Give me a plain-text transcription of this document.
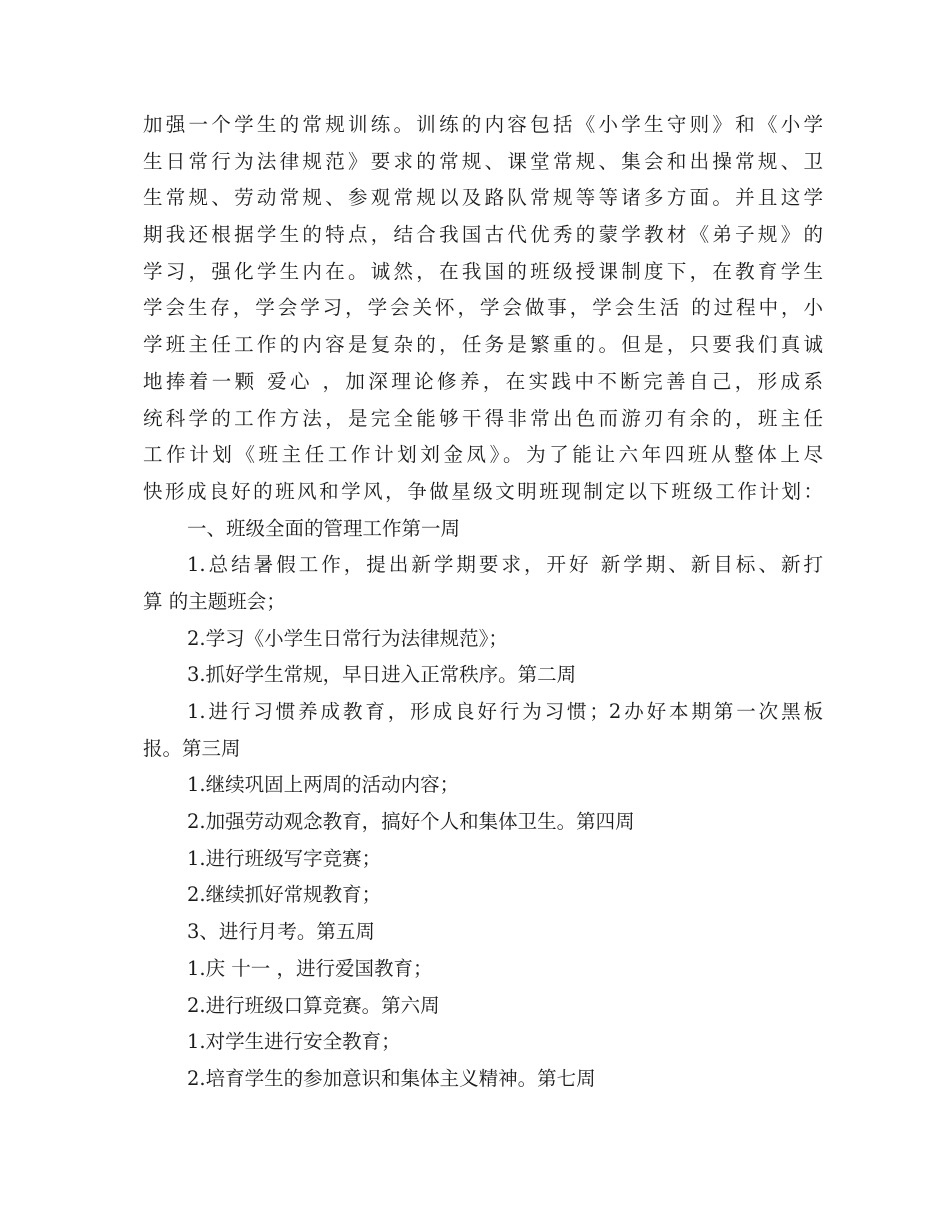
加强一个学生的常规训练。训练的内容包括《小学生守则》和《小学
生日常行为法律规范》要求的常规、课堂常规、集会和出操常规、卫
生常规、劳动常规、参观常规以及路队常规等等诸多方面。并且这学
期我还根据学生的特点，结合我国古代优秀的蒙学教材《弟子规》的
学习，强化学生内在。诚然，在我国的班级授课制度下，在教育学生
学会生存，学会学习，学会关怀，学会做事，学会生活 的过程中，小
学班主任工作的内容是复杂的，任务是繁重的。但是，只要我们真诚
地捧着一颗 爱心 ，加深理论修养，在实践中不断完善自己，形成系
统科学的工作方法，是完全能够干得非常出色而游刃有余的，班主任
工作计划《班主任工作计划刘金凤》。为了能让六年四班从整体上尽
快形成良好的班风和学风，争做星级文明班现制定以下班级工作计划：
一、班级全面的管理工作第一周
1.总结暑假工作，提出新学期要求，开好 新学期、新目标、新打
算 的主题班会；
2.学习《小学生日常行为法律规范》；
3.抓好学生常规，早日进入正常秩序。第二周
1.进行习惯养成教育，形成良好行为习惯；2办好本期第一次黑板
报。第三周
1.继续巩固上两周的活动内容；
2.加强劳动观念教育，搞好个人和集体卫生。第四周
1.进行班级写字竞赛；
2.继续抓好常规教育；
3、进行月考。第五周
1.庆 十一 ，进行爱国教育；
2.进行班级口算竞赛。第六周
1.对学生进行安全教育；
2.培育学生的参加意识和集体主义精神。第七周
